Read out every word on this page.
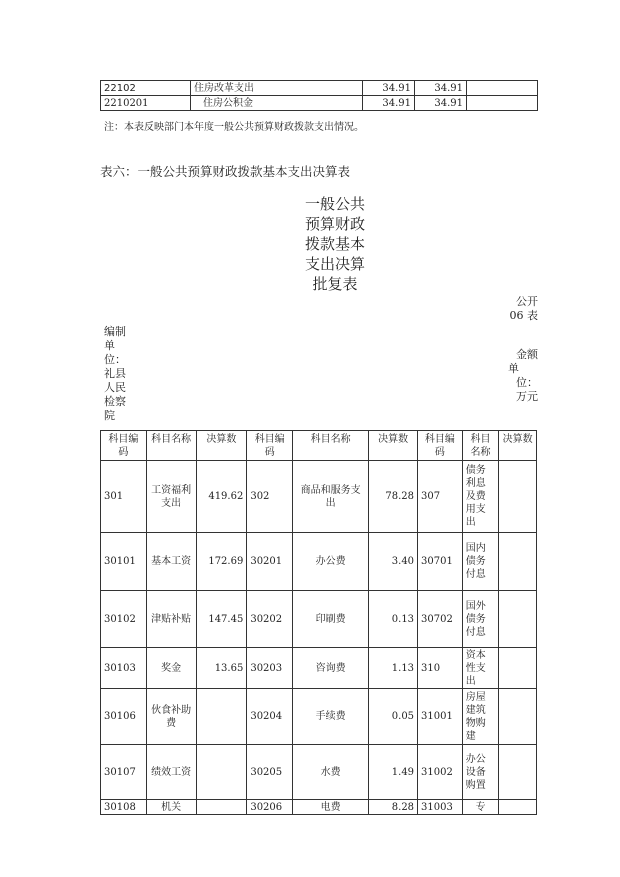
22102	住房改革支出	34.91	34.91	
2210201	住房公积金	34.91	34.91	
注：本表反映部门本年度一般公共预算财政拨款支出情况。
表六：一般公共预算财政拨款基本支出决算表
一般公共
预算财政
拨款基本
支出决算
批复表
公开
06 表
编制
单
位：
礼县
人民
检察
院
金额
单
位：
万元
科目编码	科目名称	决算数	科目编码	科目名称	决算数	科目编码	科目名称	决算数
301	工资福利支出	419.62	302	商品和服务支出	78.28	307	债务利息及费用支出	
30101	基本工资	172.69	30201	办公费	3.40	30701	国内债务付息	
30102	津贴补贴	147.45	30202	印刷费	0.13	30702	国外债务付息	
30103	奖金	13.65	30203	咨询费	1.13	310	资本性支出	
30106	伙食补助费		30204	手续费	0.05	31001	房屋建筑物购建	
30107	绩效工资		30205	水费	1.49	31002	办公设备购置	
30108	机关		30206	电费	8.28	31003	专	
